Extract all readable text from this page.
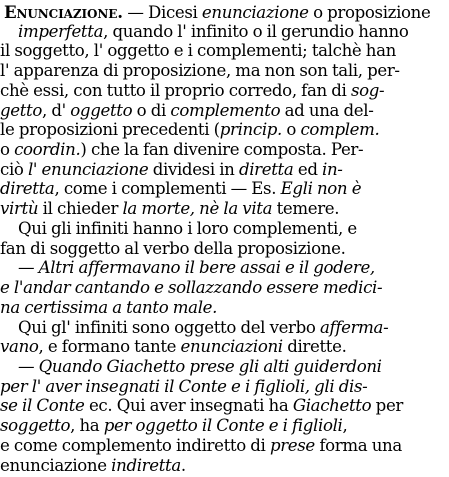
Enunciazione. — Dicesi enunciazione o proposizione
imperfetta, quando l' infinito o il gerundio hanno
il soggetto, l' oggetto e i complementi; talchè han
l' apparenza di proposizione, ma non son tali, per-
chè essi, con tutto il proprio corredo, fan di sog-
getto, d' oggetto o di complemento ad una del-
le proposizioni precedenti (princip. o complem.
o coordin.) che la fan divenire composta. Per-
ciò l' enunciazione dividesi in diretta ed in-
diretta, come i complementi — Es. Egli non è
virtù il chieder la morte, nè la vita temere.
Qui gli infiniti hanno i loro complementi, e
fan di soggetto al verbo della proposizione.
— Altri affermavano il bere assai e il godere,
e l'andar cantando e sollazzando essere medici-
na certissima a tanto male.
Qui gl' infiniti sono oggetto del verbo afferma-
vano, e formano tante enunciazioni dirette.
— Quando Giachetto prese gli alti guiderdoni
per l' aver insegnati il Conte e i figlioli, gli dis-
se il Conte ec. Qui aver insegnati ha Giachetto per
soggetto, ha per oggetto il Conte e i figlioli,
e come complemento indiretto di prese forma una
enunciazione indiretta.
